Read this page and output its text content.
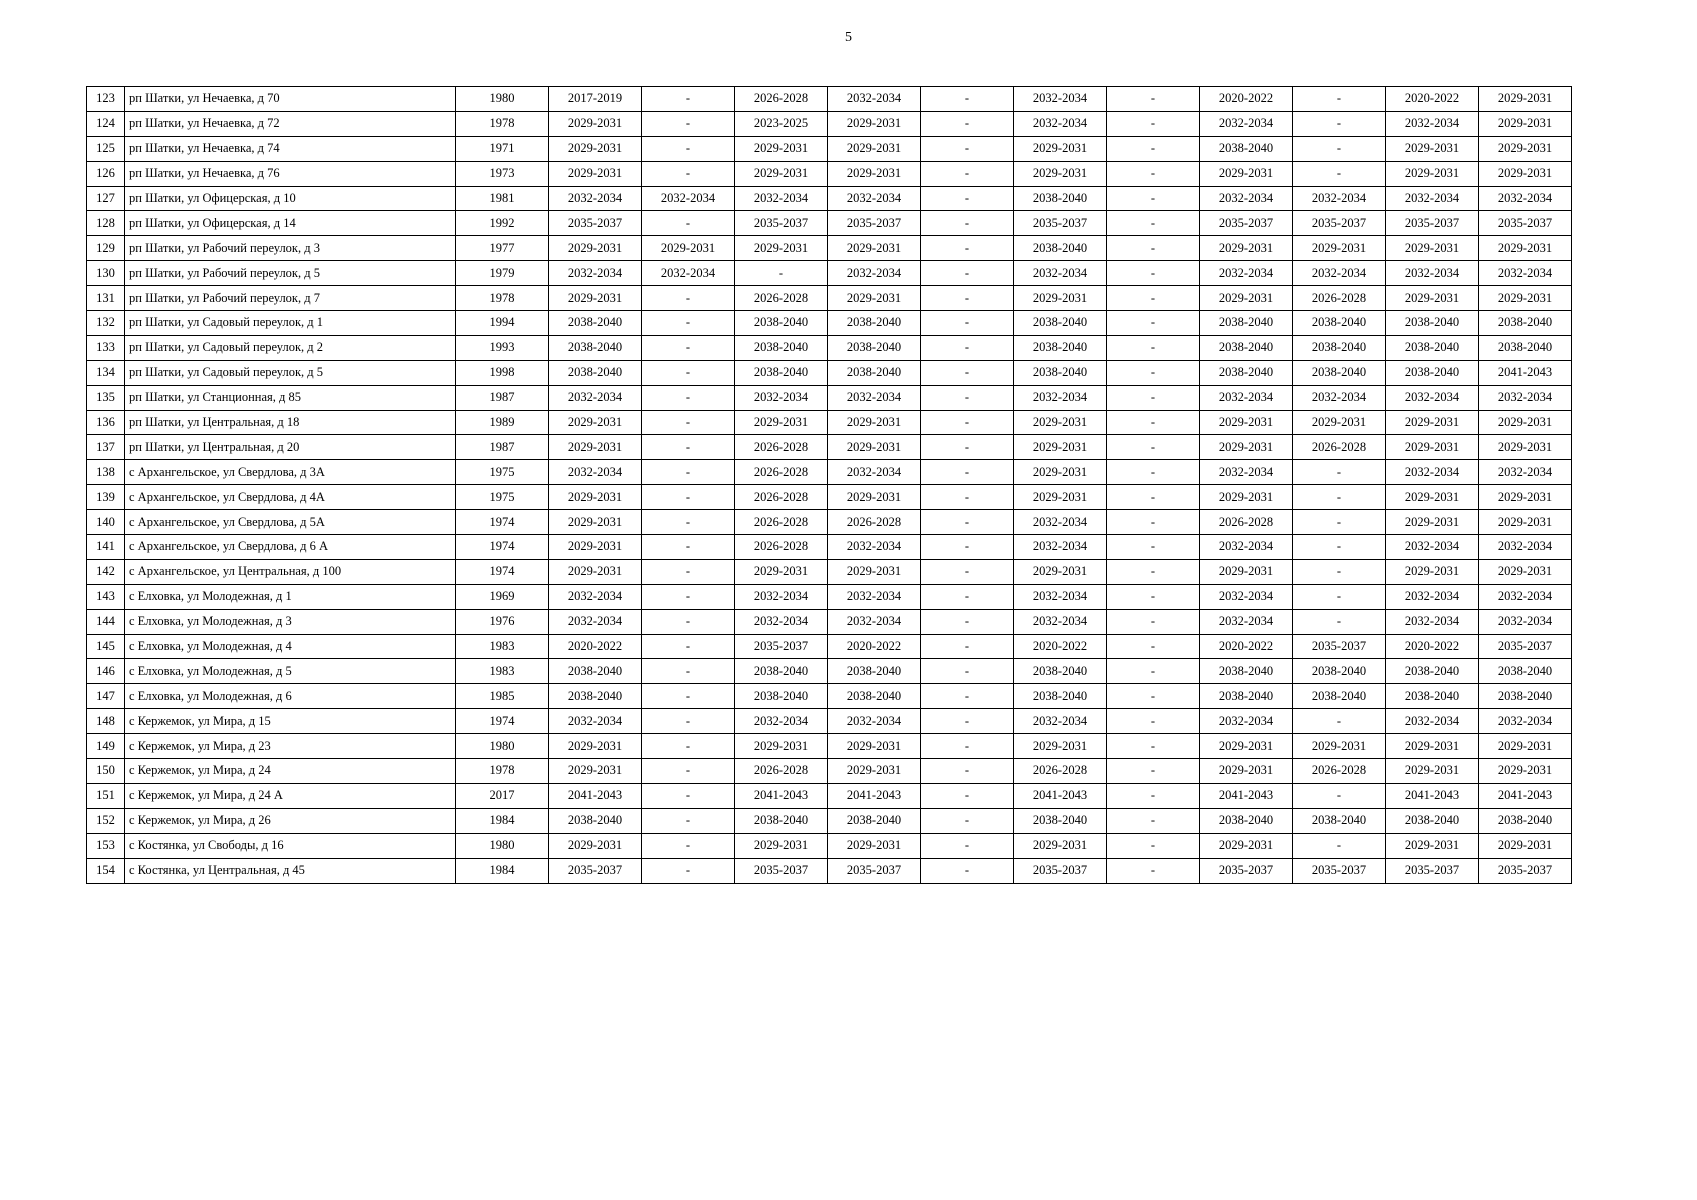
5
123	рп Шатки, ул Нечаевка, д 70	1980	2017-2019	-	2026-2028	2032-2034	-	2032-2034	-	2020-2022	-	2020-2022	2029-2031
124	рп Шатки, ул Нечаевка, д 72	1978	2029-2031	-	2023-2025	2029-2031	-	2032-2034	-	2032-2034	-	2032-2034	2029-2031
125	рп Шатки, ул Нечаевка, д 74	1971	2029-2031	-	2029-2031	2029-2031	-	2029-2031	-	2038-2040	-	2029-2031	2029-2031
126	рп Шатки, ул Нечаевка, д 76	1973	2029-2031	-	2029-2031	2029-2031	-	2029-2031	-	2029-2031	-	2029-2031	2029-2031
127	рп Шатки, ул Офицерская, д 10	1981	2032-2034	2032-2034	2032-2034	2032-2034	-	2038-2040	-	2032-2034	2032-2034	2032-2034	2032-2034
128	рп Шатки, ул Офицерская, д 14	1992	2035-2037	-	2035-2037	2035-2037	-	2035-2037	-	2035-2037	2035-2037	2035-2037	2035-2037
129	рп Шатки, ул Рабочий переулок, д 3	1977	2029-2031	2029-2031	2029-2031	2029-2031	-	2038-2040	-	2029-2031	2029-2031	2029-2031	2029-2031
130	рп Шатки, ул Рабочий переулок, д 5	1979	2032-2034	2032-2034	-	2032-2034	-	2032-2034	-	2032-2034	2032-2034	2032-2034	2032-2034
131	рп Шатки, ул Рабочий переулок, д 7	1978	2029-2031	-	2026-2028	2029-2031	-	2029-2031	-	2029-2031	2026-2028	2029-2031	2029-2031
132	рп Шатки, ул Садовый переулок, д 1	1994	2038-2040	-	2038-2040	2038-2040	-	2038-2040	-	2038-2040	2038-2040	2038-2040	2038-2040
133	рп Шатки, ул Садовый переулок, д 2	1993	2038-2040	-	2038-2040	2038-2040	-	2038-2040	-	2038-2040	2038-2040	2038-2040	2038-2040
134	рп Шатки, ул Садовый переулок, д 5	1998	2038-2040	-	2038-2040	2038-2040	-	2038-2040	-	2038-2040	2038-2040	2038-2040	2041-2043
135	рп Шатки, ул Станционная, д 85	1987	2032-2034	-	2032-2034	2032-2034	-	2032-2034	-	2032-2034	2032-2034	2032-2034	2032-2034
136	рп Шатки, ул Центральная, д 18	1989	2029-2031	-	2029-2031	2029-2031	-	2029-2031	-	2029-2031	2029-2031	2029-2031	2029-2031
137	рп Шатки, ул Центральная, д 20	1987	2029-2031	-	2026-2028	2029-2031	-	2029-2031	-	2029-2031	2026-2028	2029-2031	2029-2031
138	с Архангельское, ул Свердлова, д 3А	1975	2032-2034	-	2026-2028	2032-2034	-	2029-2031	-	2032-2034	-	2032-2034	2032-2034
139	с Архангельское, ул Свердлова, д 4А	1975	2029-2031	-	2026-2028	2029-2031	-	2029-2031	-	2029-2031	-	2029-2031	2029-2031
140	с Архангельское, ул Свердлова, д 5А	1974	2029-2031	-	2026-2028	2026-2028	-	2032-2034	-	2026-2028	-	2029-2031	2029-2031
141	с Архангельское, ул Свердлова, д 6 А	1974	2029-2031	-	2026-2028	2032-2034	-	2032-2034	-	2032-2034	-	2032-2034	2032-2034
142	с Архангельское, ул Центральная, д 100	1974	2029-2031	-	2029-2031	2029-2031	-	2029-2031	-	2029-2031	-	2029-2031	2029-2031
143	с Елховка, ул Молодежная, д 1	1969	2032-2034	-	2032-2034	2032-2034	-	2032-2034	-	2032-2034	-	2032-2034	2032-2034
144	с Елховка, ул Молодежная, д 3	1976	2032-2034	-	2032-2034	2032-2034	-	2032-2034	-	2032-2034	-	2032-2034	2032-2034
145	с Елховка, ул Молодежная, д 4	1983	2020-2022	-	2035-2037	2020-2022	-	2020-2022	-	2020-2022	2035-2037	2020-2022	2035-2037
146	с Елховка, ул Молодежная, д 5	1983	2038-2040	-	2038-2040	2038-2040	-	2038-2040	-	2038-2040	2038-2040	2038-2040	2038-2040
147	с Елховка, ул Молодежная, д 6	1985	2038-2040	-	2038-2040	2038-2040	-	2038-2040	-	2038-2040	2038-2040	2038-2040	2038-2040
148	с Кержемок, ул Мира, д 15	1974	2032-2034	-	2032-2034	2032-2034	-	2032-2034	-	2032-2034	-	2032-2034	2032-2034
149	с Кержемок, ул Мира, д 23	1980	2029-2031	-	2029-2031	2029-2031	-	2029-2031	-	2029-2031	2029-2031	2029-2031	2029-2031
150	с Кержемок, ул Мира, д 24	1978	2029-2031	-	2026-2028	2029-2031	-	2026-2028	-	2029-2031	2026-2028	2029-2031	2029-2031
151	с Кержемок, ул Мира, д 24 А	2017	2041-2043	-	2041-2043	2041-2043	-	2041-2043	-	2041-2043	-	2041-2043	2041-2043
152	с Кержемок, ул Мира, д 26	1984	2038-2040	-	2038-2040	2038-2040	-	2038-2040	-	2038-2040	2038-2040	2038-2040	2038-2040
153	с Костянка, ул Свободы, д 16	1980	2029-2031	-	2029-2031	2029-2031	-	2029-2031	-	2029-2031	-	2029-2031	2029-2031
154	с Костянка, ул Центральная, д 45	1984	2035-2037	-	2035-2037	2035-2037	-	2035-2037	-	2035-2037	2035-2037	2035-2037	2035-2037
